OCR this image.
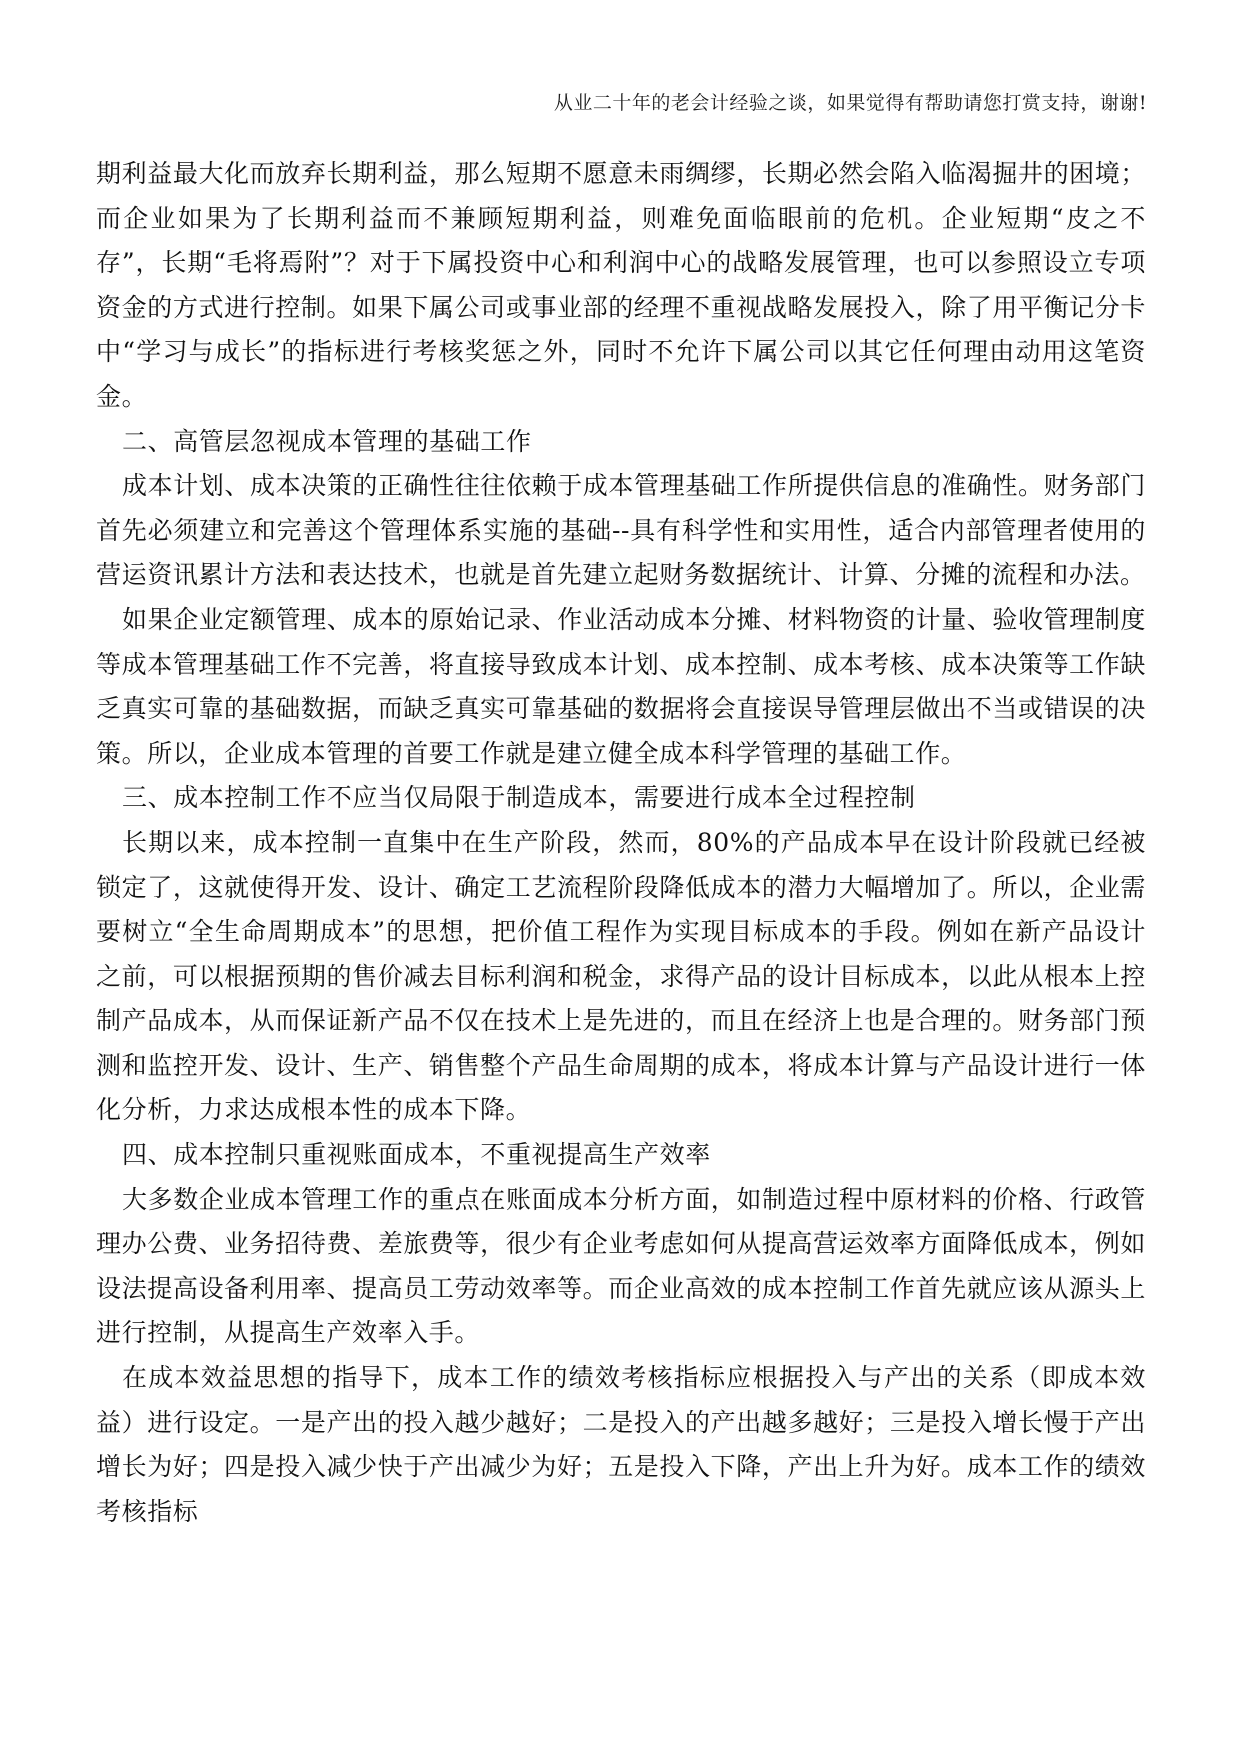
从业二十年的老会计经验之谈，如果觉得有帮助请您打赏支持，谢谢!

期利益最大化而放弃长期利益，那么短期不愿意未雨绸缪，长期必然会陷入临渴掘井的困境；而企业如果为了长期利益而不兼顾短期利益，则难免面临眼前的危机。企业短期“皮之不存”，长期“毛将焉附”？对于下属投资中心和利润中心的战略发展管理，也可以参照设立专项资金的方式进行控制。如果下属公司或事业部的经理不重视战略发展投入，除了用平衡记分卡中“学习与成长”的指标进行考核奖惩之外，同时不允许下属公司以其它任何理由动用这笔资金。

二、高管层忽视成本管理的基础工作

成本计划、成本决策的正确性往往依赖于成本管理基础工作所提供信息的准确性。财务部门首先必须建立和完善这个管理体系实施的基础--具有科学性和实用性，适合内部管理者使用的营运资讯累计方法和表达技术，也就是首先建立起财务数据统计、计算、分摊的流程和办法。

如果企业定额管理、成本的原始记录、作业活动成本分摊、材料物资的计量、验收管理制度等成本管理基础工作不完善，将直接导致成本计划、成本控制、成本考核、成本决策等工作缺乏真实可靠的基础数据，而缺乏真实可靠基础的数据将会直接误导管理层做出不当或错误的决策。所以，企业成本管理的首要工作就是建立健全成本科学管理的基础工作。

三、成本控制工作不应当仅局限于制造成本，需要进行成本全过程控制

长期以来，成本控制一直集中在生产阶段，然而，80%的产品成本早在设计阶段就已经被锁定了，这就使得开发、设计、确定工艺流程阶段降低成本的潜力大幅增加了。所以，企业需要树立“全生命周期成本”的思想，把价值工程作为实现目标成本的手段。例如在新产品设计之前，可以根据预期的售价减去目标利润和税金，求得产品的设计目标成本，以此从根本上控制产品成本，从而保证新产品不仅在技术上是先进的，而且在经济上也是合理的。财务部门预测和监控开发、设计、生产、销售整个产品生命周期的成本，将成本计算与产品设计进行一体化分析，力求达成根本性的成本下降。

四、成本控制只重视账面成本，不重视提高生产效率

大多数企业成本管理工作的重点在账面成本分析方面，如制造过程中原材料的价格、行政管理办公费、业务招待费、差旅费等，很少有企业考虑如何从提高营运效率方面降低成本，例如设法提高设备利用率、提高员工劳动效率等。而企业高效的成本控制工作首先就应该从源头上进行控制，从提高生产效率入手。

在成本效益思想的指导下，成本工作的绩效考核指标应根据投入与产出的关系（即成本效益）进行设定。一是产出的投入越少越好；二是投入的产出越多越好；三是投入增长慢于产出增长为好；四是投入减少快于产出减少为好；五是投入下降，产出上升为好。成本工作的绩效考核指标
